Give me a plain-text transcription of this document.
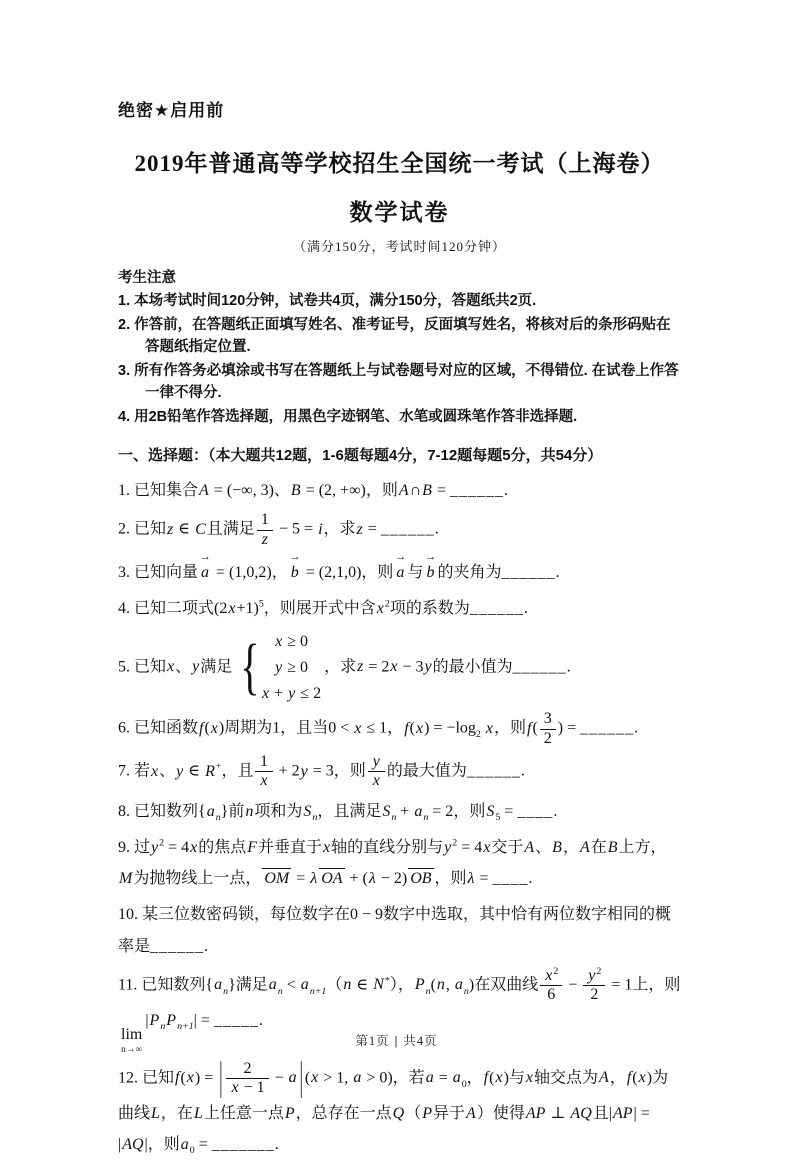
绝密★启用前
2019年普通高等学校招生全国统一考试（上海卷）
数学试卷
（满分150分，考试时间120分钟）
考生注意
1. 本场考试时间120分钟，试卷共4页，满分150分，答题纸共2页.
2. 作答前，在答题纸正面填写姓名、准考证号，反面填写姓名，将核对后的条形码贴在答题纸指定位置.
3. 所有作答务必填涂或书写在答题纸上与试卷题号对应的区域，不得错位. 在试卷上作答一律不得分.
4. 用2B铅笔作答选择题，用黑色字迹钢笔、水笔或圆珠笔作答非选择题.
一、选择题：（本大题共12题，1-6题每题4分，7-12题每题5分，共54分）
1. 已知集合A = (−∞, 3)、B = (2, +∞)，则A∩B = ______.
2. 已知z ∈ C且满足 $\frac{1}{z} - 5 = i$，求z = ______.
3. 已知向量
→
a = (1,0,2)，
→
b = (2,1,0)，则
→
a 与
→
b 的夹角为______.
4. 已知二项式$(2x+1)^5$，则展开式中含$x^2$项的系数为______.
5. 已知x、y满足 { x ≥ 0
y ≥ 0
x + y ≤ 2
，求z = 2x − 3y的最小值为______.
6. 已知函数f(x)周期为1，且当0 < x ≤ 1，$f(x) = -\log_2$ x，则$f( \frac{3}{2}$ ) = ______.
7. 若x、y ∈ R+，且 $\frac{1}{x} + 2y = 3$，则 $\frac{y}{x}$ 的最大值为______.
8. 已知数列$\{a_n\}$前n项和为$S_n$，且满足$S_n + a_n = 2$，则$S_5$ = ____.
9. 过$y^2 = 4x$的焦点F并垂直于x轴的直线分别与$y^2 = 4x$交于A、B，A在B上方，M为抛物线上一点， OM = λ OA + (λ − 2) OB ，则λ = ____.
10. 某三位数密码锁，每位数字在0 − 9数字中选取，其中恰有两位数字相同的概率是______.
11. 已知数列$\{a_n\}$满足$a_n < a_{n+1}(n$ ∈ N*），$P_n(n$, $a_n$)在双曲线 $\frac{x^2}{6} - \frac{y^2}{2} = 1$上，则
lim
n→∞
$|P_nP_{n+1}|$ = _____.
12. 已知f(x) = | $\frac{2}{x - 1} - a$ | (x > 1, a > 0)，若$a = a_0$，f(x)与x轴交点为A，f(x)为曲线L，在L上任意一点P，总存在一点Q（P异于A）使得AP ⊥ AQ且|AP| = |AQ|，则$a_0$ = _______.
第1页 | 共4页
